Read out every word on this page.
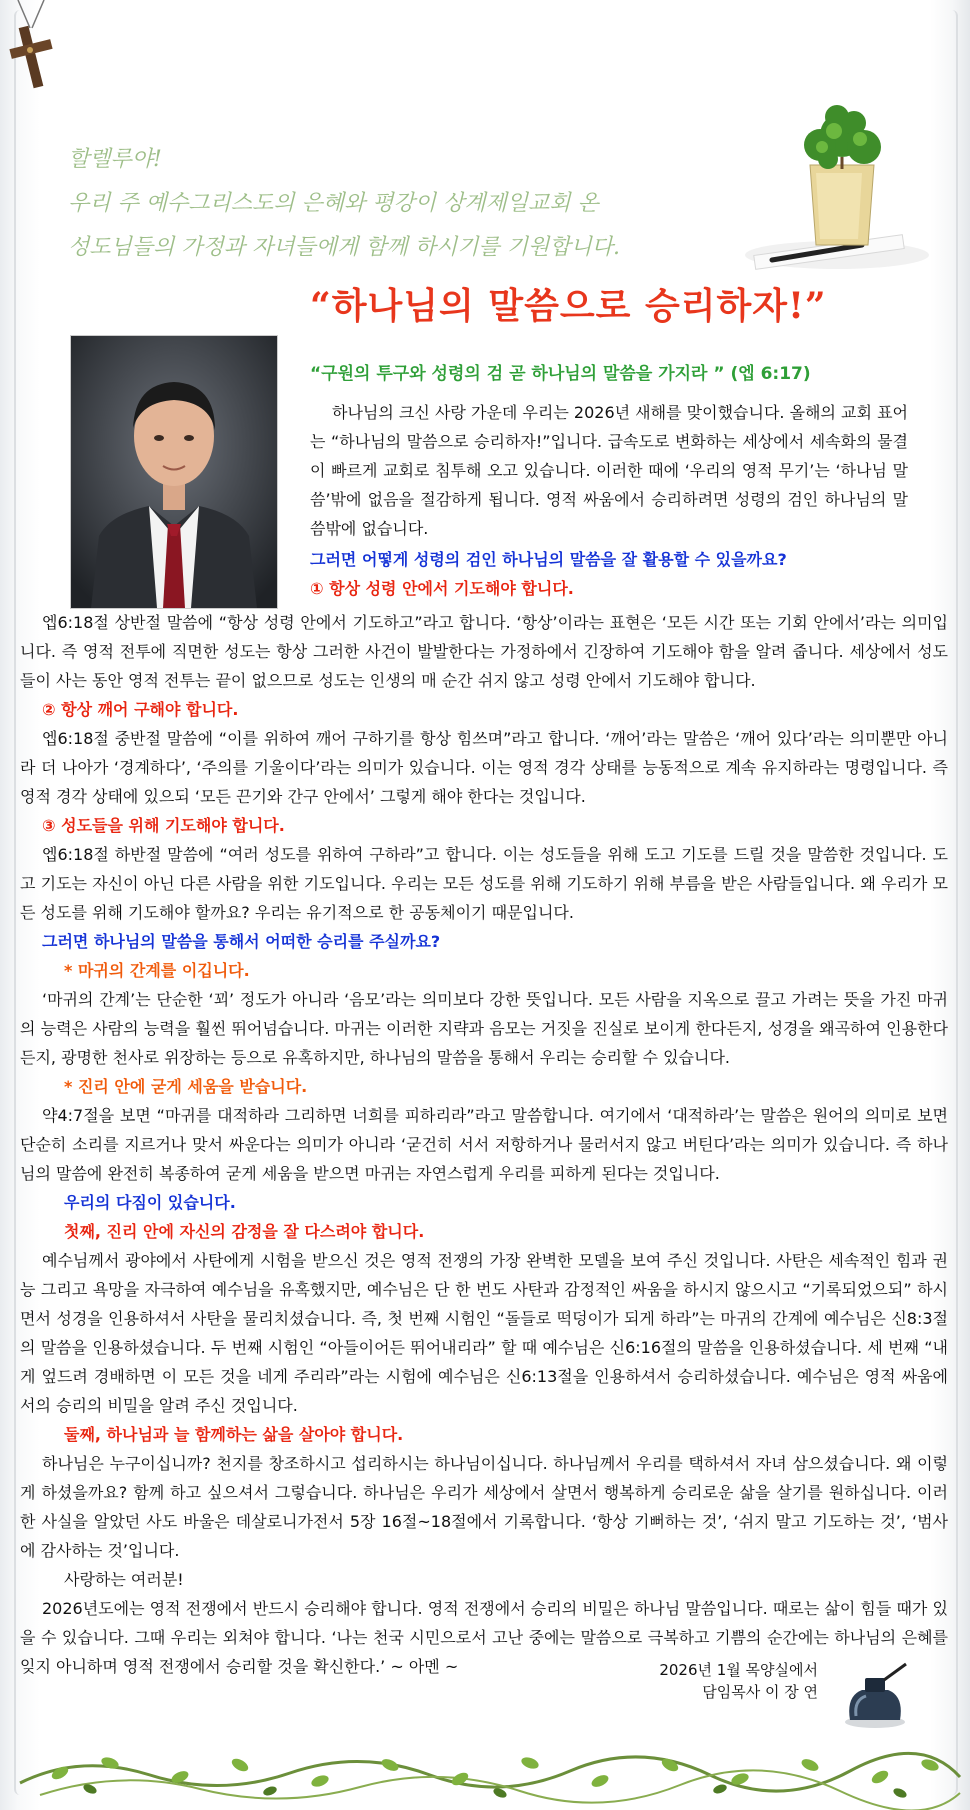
할렐루야!
우리 주 예수그리스도의 은혜와 평강이 상계제일교회 온
성도님들의 가정과 자녀들에게 함께 하시기를 기원합니다.
“하나님의 말씀으로 승리하자!”
“구원의 투구와 성령의 검 곧 하나님의 말씀을 가지라 ” (엡 6:17)

하나님의 크신 사랑 가운데 우리는 2026년 새해를 맞이했습니다. 올해의 교회 표어는 “하나님의 말씀으로 승리하자!”입니다. 급속도로 변화하는 세상에서 세속화의 물결이 빠르게 교회로 침투해 오고 있습니다. 이러한 때에 ‘우리의 영적 무기’는 ‘하나님 말씀’밖에 없음을 절감하게 됩니다. 영적 싸움에서 승리하려면 성령의 검인 하나님의 말씀밖에 없습니다.

그러면 어떻게 성령의 검인 하나님의 말씀을 잘 활용할 수 있을까요?

① 항상 성령 안에서 기도해야 합니다.

엡6:18절 상반절 말씀에 “항상 성령 안에서 기도하고”라고 합니다. ‘항상’이라는 표현은 ‘모든 시간 또는 기회 안에서’라는 의미입니다. 즉 영적 전투에 직면한 성도는 항상 그러한 사건이 발발한다는 가정하에서 긴장하여 기도해야 함을 알려 줍니다. 세상에서 성도들이 사는 동안 영적 전투는 끝이 없으므로 성도는 인생의 매 순간 쉬지 않고 성령 안에서 기도해야 합니다.

② 항상 깨어 구해야 합니다.

엡6:18절 중반절 말씀에 “이를 위하여 깨어 구하기를 항상 힘쓰며”라고 합니다. ‘깨어’라는 말씀은 ‘깨어 있다’라는 의미뿐만 아니라 더 나아가 ‘경계하다’, ‘주의를 기울이다’라는 의미가 있습니다. 이는 영적 경각 상태를 능동적으로 계속 유지하라는 명령입니다. 즉 영적 경각 상태에 있으되 ‘모든 끈기와 간구 안에서’ 그렇게 해야 한다는 것입니다.

③ 성도들을 위해 기도해야 합니다.

엡6:18절 하반절 말씀에 “여러 성도를 위하여 구하라”고 합니다. 이는 성도들을 위해 도고 기도를 드릴 것을 말씀한 것입니다. 도고 기도는 자신이 아닌 다른 사람을 위한 기도입니다. 우리는 모든 성도를 위해 기도하기 위해 부름을 받은 사람들입니다. 왜 우리가 모든 성도를 위해 기도해야 할까요? 우리는 유기적으로 한 공동체이기 때문입니다.

그러면 하나님의 말씀을 통해서 어떠한 승리를 주실까요?

* 마귀의 간계를 이깁니다.

‘마귀의 간계’는 단순한 ‘꾀’ 정도가 아니라 ‘음모’라는 의미보다 강한 뜻입니다. 모든 사람을 지옥으로 끌고 가려는 뜻을 가진 마귀의 능력은 사람의 능력을 훨씬 뛰어넘습니다. 마귀는 이러한 지략과 음모는 거짓을 진실로 보이게 한다든지, 성경을 왜곡하여 인용한다든지, 광명한 천사로 위장하는 등으로 유혹하지만, 하나님의 말씀을 통해서 우리는 승리할 수 있습니다.

* 진리 안에 굳게 세움을 받습니다.

약4:7절을 보면 “마귀를 대적하라 그리하면 너희를 피하리라”라고 말씀합니다. 여기에서 ‘대적하라’는 말씀은 원어의 의미로 보면 단순히 소리를 지르거나 맞서 싸운다는 의미가 아니라 ‘굳건히 서서 저항하거나 물러서지 않고 버틴다’라는 의미가 있습니다. 즉 하나님의 말씀에 완전히 복종하여 굳게 세움을 받으면 마귀는 자연스럽게 우리를 피하게 된다는 것입니다.

우리의 다짐이 있습니다.

첫째, 진리 안에 자신의 감정을 잘 다스려야 합니다.

예수님께서 광야에서 사탄에게 시험을 받으신 것은 영적 전쟁의 가장 완벽한 모델을 보여 주신 것입니다. 사탄은 세속적인 힘과 권능 그리고 욕망을 자극하여 예수님을 유혹했지만, 예수님은 단 한 번도 사탄과 감정적인 싸움을 하시지 않으시고 “기록되었으되” 하시면서 성경을 인용하셔서 사탄을 물리치셨습니다. 즉, 첫 번째 시험인 “돌들로 떡덩이가 되게 하라”는 마귀의 간계에 예수님은 신8:3절의 말씀을 인용하셨습니다. 두 번째 시험인 “아들이어든 뛰어내리라” 할 때 예수님은 신6:16절의 말씀을 인용하셨습니다. 세 번째 “내게 엎드려 경배하면 이 모든 것을 네게 주리라”라는 시험에 예수님은 신6:13절을 인용하셔서 승리하셨습니다. 예수님은 영적 싸움에서의 승리의 비밀을 알려 주신 것입니다.

둘째, 하나님과 늘 함께하는 삶을 살아야 합니다.

하나님은 누구이십니까? 천지를 창조하시고 섭리하시는 하나님이십니다. 하나님께서 우리를 택하셔서 자녀 삼으셨습니다. 왜 이렇게 하셨을까요? 함께 하고 싶으셔서 그렇습니다. 하나님은 우리가 세상에서 살면서 행복하게 승리로운 삶을 살기를 원하십니다. 이러한 사실을 알았던 사도 바울은 데살로니가전서 5장 16절~18절에서 기록합니다. ‘항상 기뻐하는 것’, ‘쉬지 말고 기도하는 것’, ‘범사에 감사하는 것’입니다.

사랑하는 여러분!

2026년도에는 영적 전쟁에서 반드시 승리해야 합니다. 영적 전쟁에서 승리의 비밀은 하나님 말씀입니다. 때로는 삶이 힘들 때가 있을 수 있습니다. 그때 우리는 외쳐야 합니다. ‘나는 천국 시민으로서 고난 중에는 말씀으로 극복하고 기쁨의 순간에는 하나님의 은혜를 잊지 아니하며 영적 전쟁에서 승리할 것을 확신한다.’ ~ 아멘 ~	2026년 1월 목양실에서
담임목사 이 장 연
